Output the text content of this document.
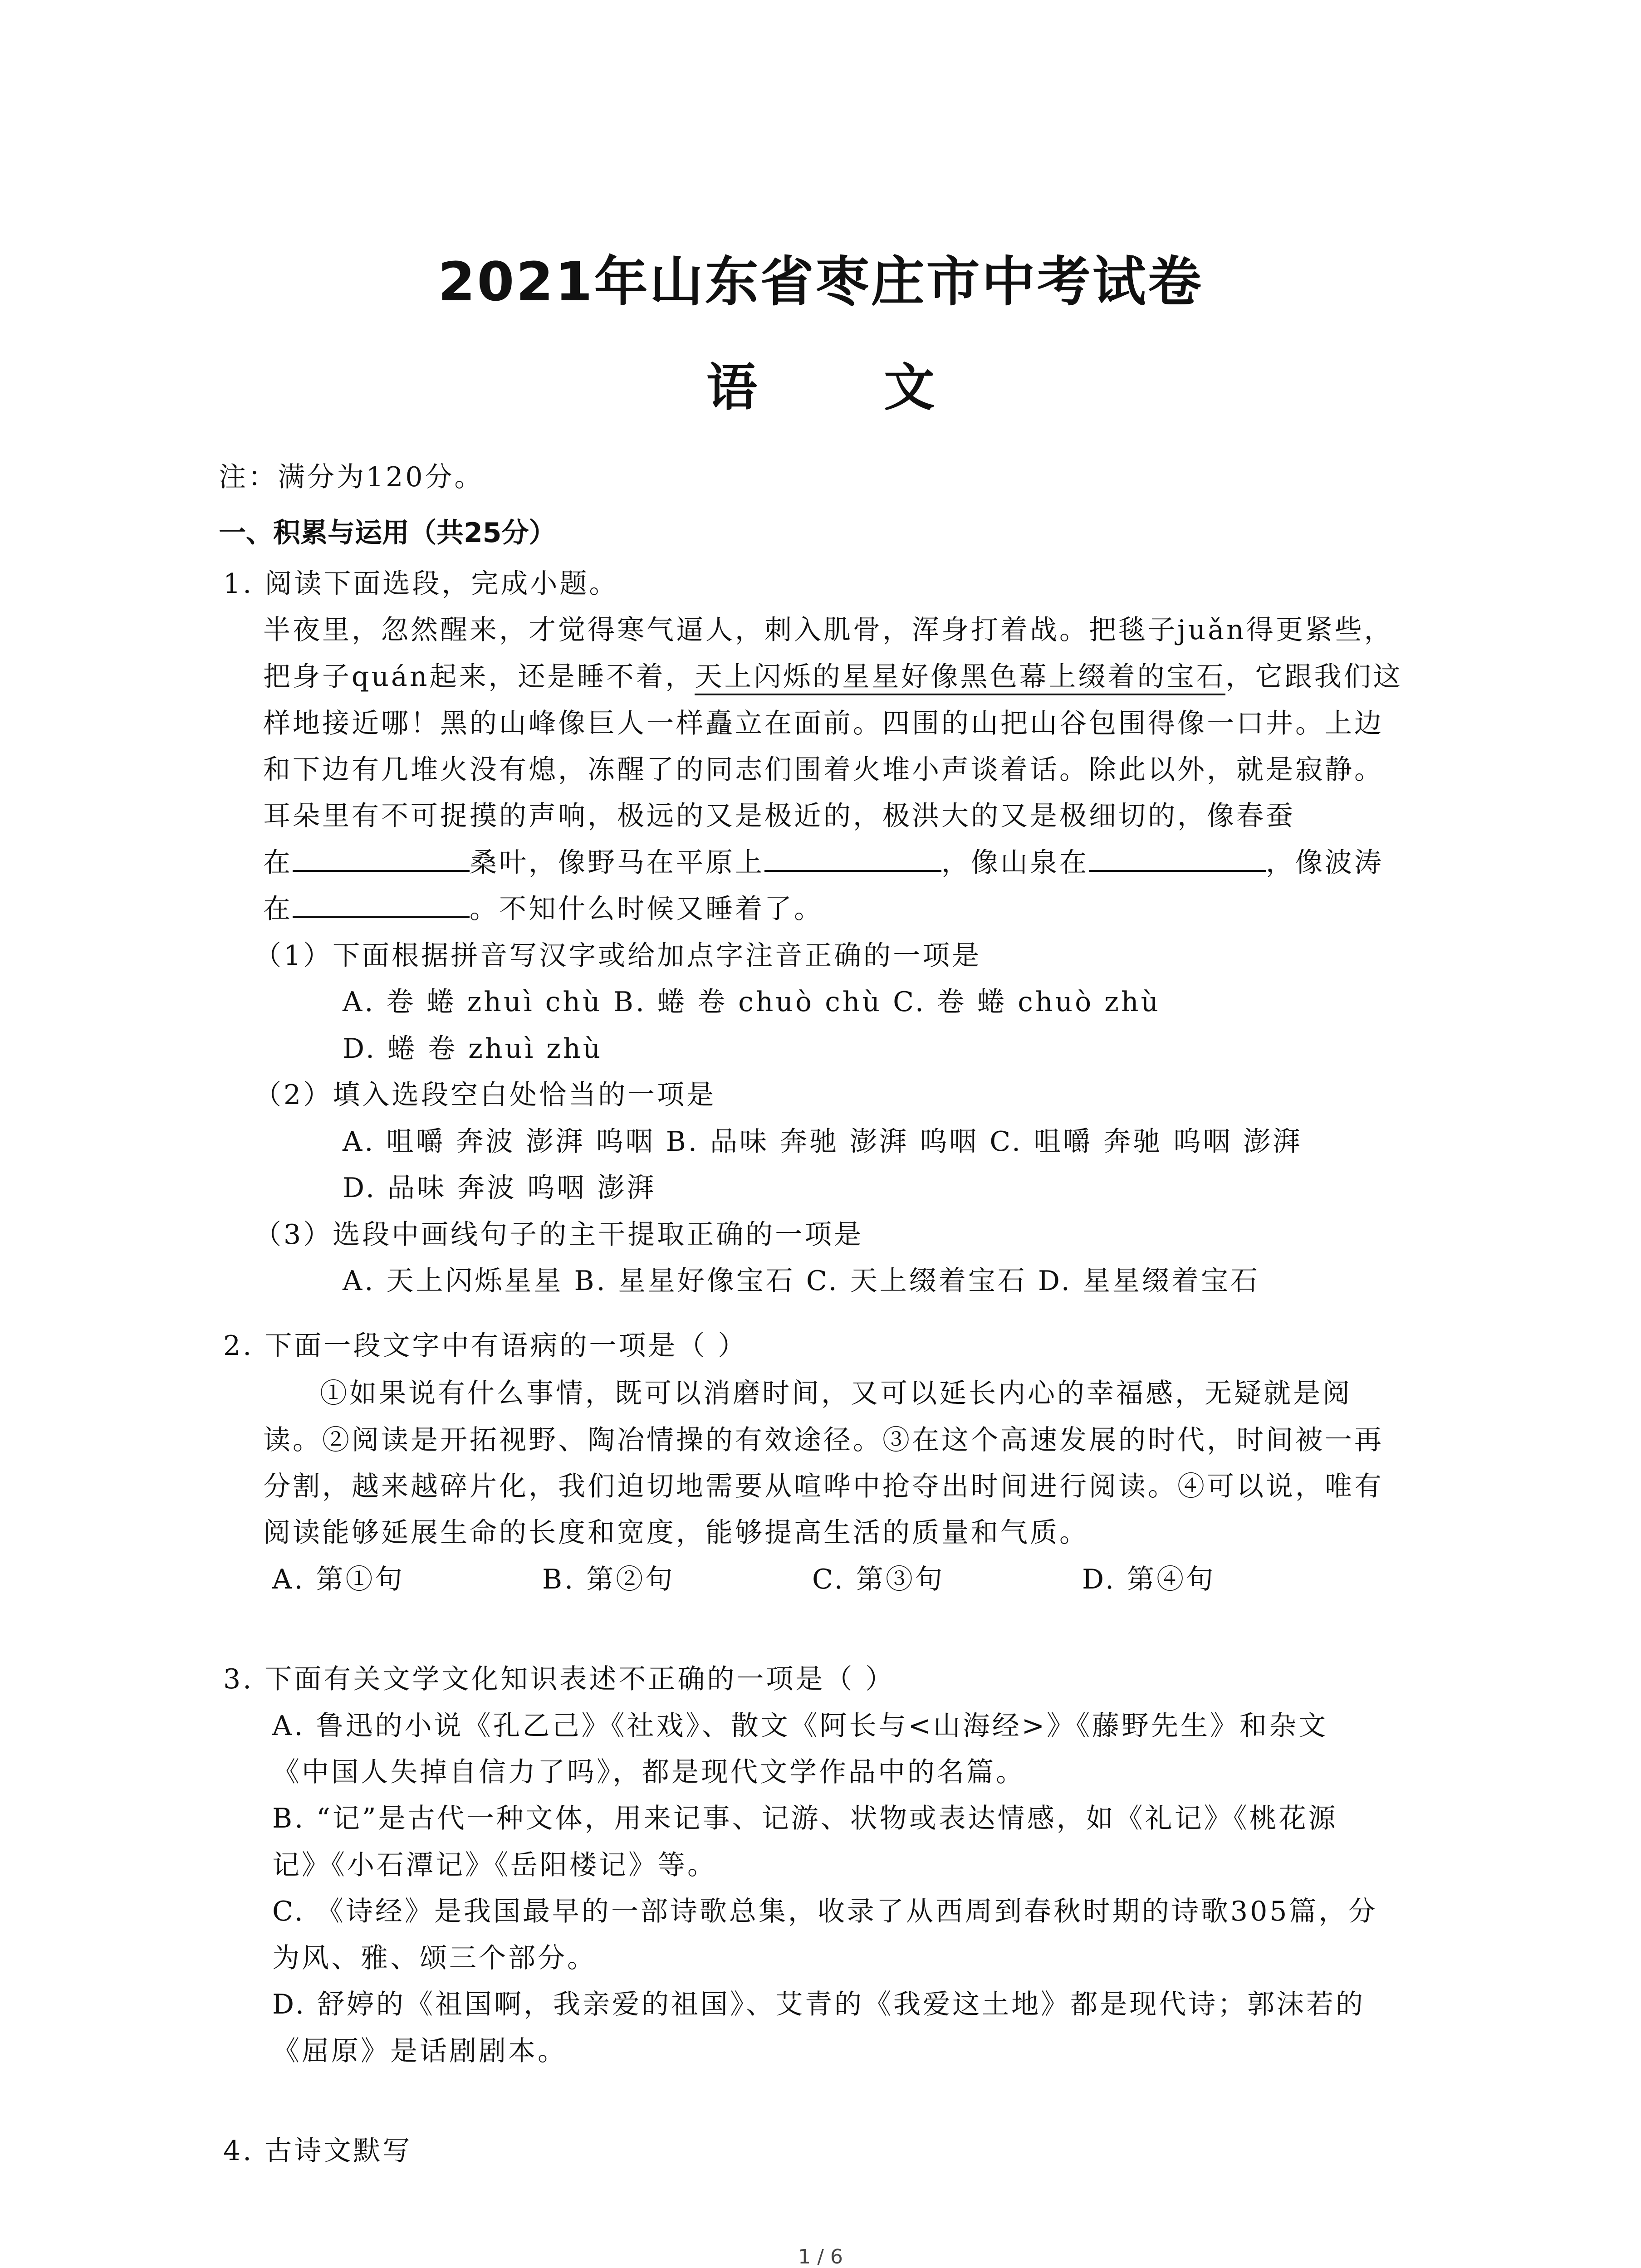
2021年山东省枣庄市中考试卷
语 文
注：满分为120分。
一、积累与运用（共25分）
1. 阅读下面选段，完成小题。
半夜里，忽然醒来，才觉得寒气逼人，刺入肌骨，浑身打着战。把毯子juǎn得更紧些，
把身子quán起来，还是睡不着，天上闪烁的星星好像黑色幕上缀着的宝石，它跟我们这
样地接近哪！黑的山峰像巨人一样矗立在面前。四围的山把山谷包围得像一口井。上边
和下边有几堆火没有熄，冻醒了的同志们围着火堆小声谈着话。除此以外，就是寂静。
耳朵里有不可捉摸的声响，极远的又是极近的，极洪大的又是极细切的，像春蚕
在	桑叶，像野马在平原上	，像山泉在	，像波涛
在	。不知什么时候又睡着了。
（1）下面根据拼音写汉字或给加点字注音正确的一项是
A. 卷 蜷 zhuì chù B. 蜷 卷 chuò chù C. 卷 蜷 chuò zhù
D. 蜷 卷 zhuì zhù
（2）填入选段空白处恰当的一项是
A. 咀嚼 奔波 澎湃 呜咽 B. 品味 奔驰 澎湃 呜咽 C. 咀嚼 奔驰 呜咽 澎湃
D. 品味 奔波 呜咽 澎湃
（3）选段中画线句子的主干提取正确的一项是
A. 天上闪烁星星 B. 星星好像宝石 C. 天上缀着宝石 D. 星星缀着宝石
2. 下面一段文字中有语病的一项是（ ）
①如果说有什么事情，既可以消磨时间，又可以延长内心的幸福感，无疑就是阅
读。②阅读是开拓视野、陶冶情操的有效途径。③在这个高速发展的时代，时间被一再
分割，越来越碎片化，我们迫切地需要从喧哗中抢夺出时间进行阅读。④可以说，唯有
阅读能够延展生命的长度和宽度，能够提高生活的质量和气质。
A. 第①句	B. 第②句	C. 第③句	D. 第④句
3. 下面有关文学文化知识表述不正确的一项是（ ）
A. 鲁迅的小说《孔乙己》《社戏》、散文《阿长与<山海经>》《藤野先生》和杂文
《中国人失掉自信力了吗》，都是现代文学作品中的名篇。
B. “记”是古代一种文体，用来记事、记游、状物或表达情感，如《礼记》《桃花源
记》《小石潭记》《岳阳楼记》等。
C. 《诗经》是我国最早的一部诗歌总集，收录了从西周到春秋时期的诗歌305篇，分
为风、雅、颂三个部分。
D. 舒婷的《祖国啊，我亲爱的祖国》、艾青的《我爱这土地》都是现代诗；郭沫若的
《屈原》是话剧剧本。
4. 古诗文默写
1 / 6
